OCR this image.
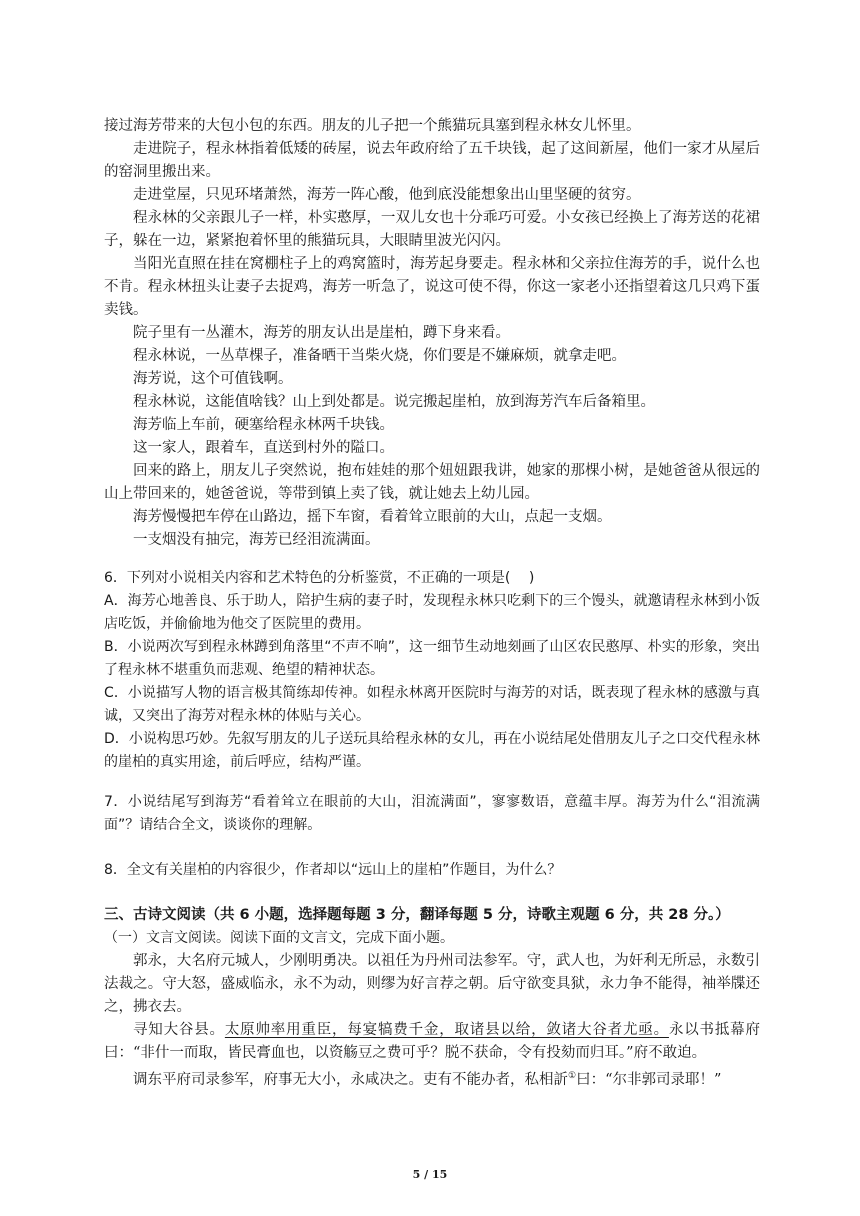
接过海芳带来的大包小包的东西。朋友的儿子把一个熊猫玩具塞到程永林女儿怀里。

走进院子，程永林指着低矮的砖屋，说去年政府给了五千块钱，起了这间新屋，他们一家才从屋后的窑洞里搬出来。

走进堂屋，只见环堵萧然，海芳一阵心酸，他到底没能想象出山里坚硬的贫穷。

程永林的父亲跟儿子一样，朴实憨厚，一双儿女也十分乖巧可爱。小女孩已经换上了海芳送的花裙子，躲在一边，紧紧抱着怀里的熊猫玩具，大眼睛里波光闪闪。

当阳光直照在挂在窝棚柱子上的鸡窝篮时，海芳起身要走。程永林和父亲拉住海芳的手，说什么也不肯。程永林扭头让妻子去捉鸡，海芳一听急了，说这可使不得，你这一家老小还指望着这几只鸡下蛋卖钱。

院子里有一丛灌木，海芳的朋友认出是崖柏，蹲下身来看。

程永林说，一丛草棵子，准备晒干当柴火烧，你们要是不嫌麻烦，就拿走吧。

海芳说，这个可值钱啊。

程永林说，这能值啥钱？山上到处都是。说完搬起崖柏，放到海芳汽车后备箱里。

海芳临上车前，硬塞给程永林两千块钱。

这一家人，跟着车，直送到村外的隘口。

回来的路上，朋友儿子突然说，抱布娃娃的那个妞妞跟我讲，她家的那棵小树，是她爸爸从很远的山上带回来的，她爸爸说，等带到镇上卖了钱，就让她去上幼儿园。

海芳慢慢把车停在山路边，摇下车窗，看着耸立眼前的大山，点起一支烟。

一支烟没有抽完，海芳已经泪流满面。

6．下列对小说相关内容和艺术特色的分析鉴赏，不正确的一项是(　 )

A．海芳心地善良、乐于助人，陪护生病的妻子时，发现程永林只吃剩下的三个馒头，就邀请程永林到小饭店吃饭，并偷偷地为他交了医院里的费用。

B．小说两次写到程永林蹲到角落里“不声不响”，这一细节生动地刻画了山区农民憨厚、朴实的形象，突出了程永林不堪重负而悲观、绝望的精神状态。

C．小说描写人物的语言极其简练却传神。如程永林离开医院时与海芳的对话，既表现了程永林的感激与真诚，又突出了海芳对程永林的体贴与关心。

D．小说构思巧妙。先叙写朋友的儿子送玩具给程永林的女儿，再在小说结尾处借朋友儿子之口交代程永林的崖柏的真实用途，前后呼应，结构严谨。

7．小说结尾写到海芳“看着耸立在眼前的大山，泪流满面”，寥寥数语，意蕴丰厚。海芳为什么“泪流满面”？请结合全文，谈谈你的理解。

8．全文有关崖柏的内容很少，作者却以“远山上的崖柏”作题目，为什么？

三、古诗文阅读（共 6 小题，选择题每题 3 分，翻译每题 5 分，诗歌主观题 6 分，共 28 分。）
（一）文言文阅读。阅读下面的文言文，完成下面小题。

郭永，大名府元城人，少刚明勇决。以祖任为丹州司法参军。守，武人也，为奸利无所忌，永数引法裁之。守大怒，盛威临永，永不为动，则缪为好言荐之朝。后守欲变具狱，永力争不能得，袖举牒还之，拂衣去。

寻知大谷县。太原帅率用重臣，每宴犒费千金，取诸县以给，敛诸大谷者尤亟。永以书抵幕府曰：“非什一而取，皆民膏血也，以资觞豆之费可乎？脱不获命，令有投劾而归耳。”府不敢迫。

调东平府司录参军，府事无大小，永咸决之。吏有不能办者，私相訢①曰：“尔非郭司录耶！”

5 / 15
